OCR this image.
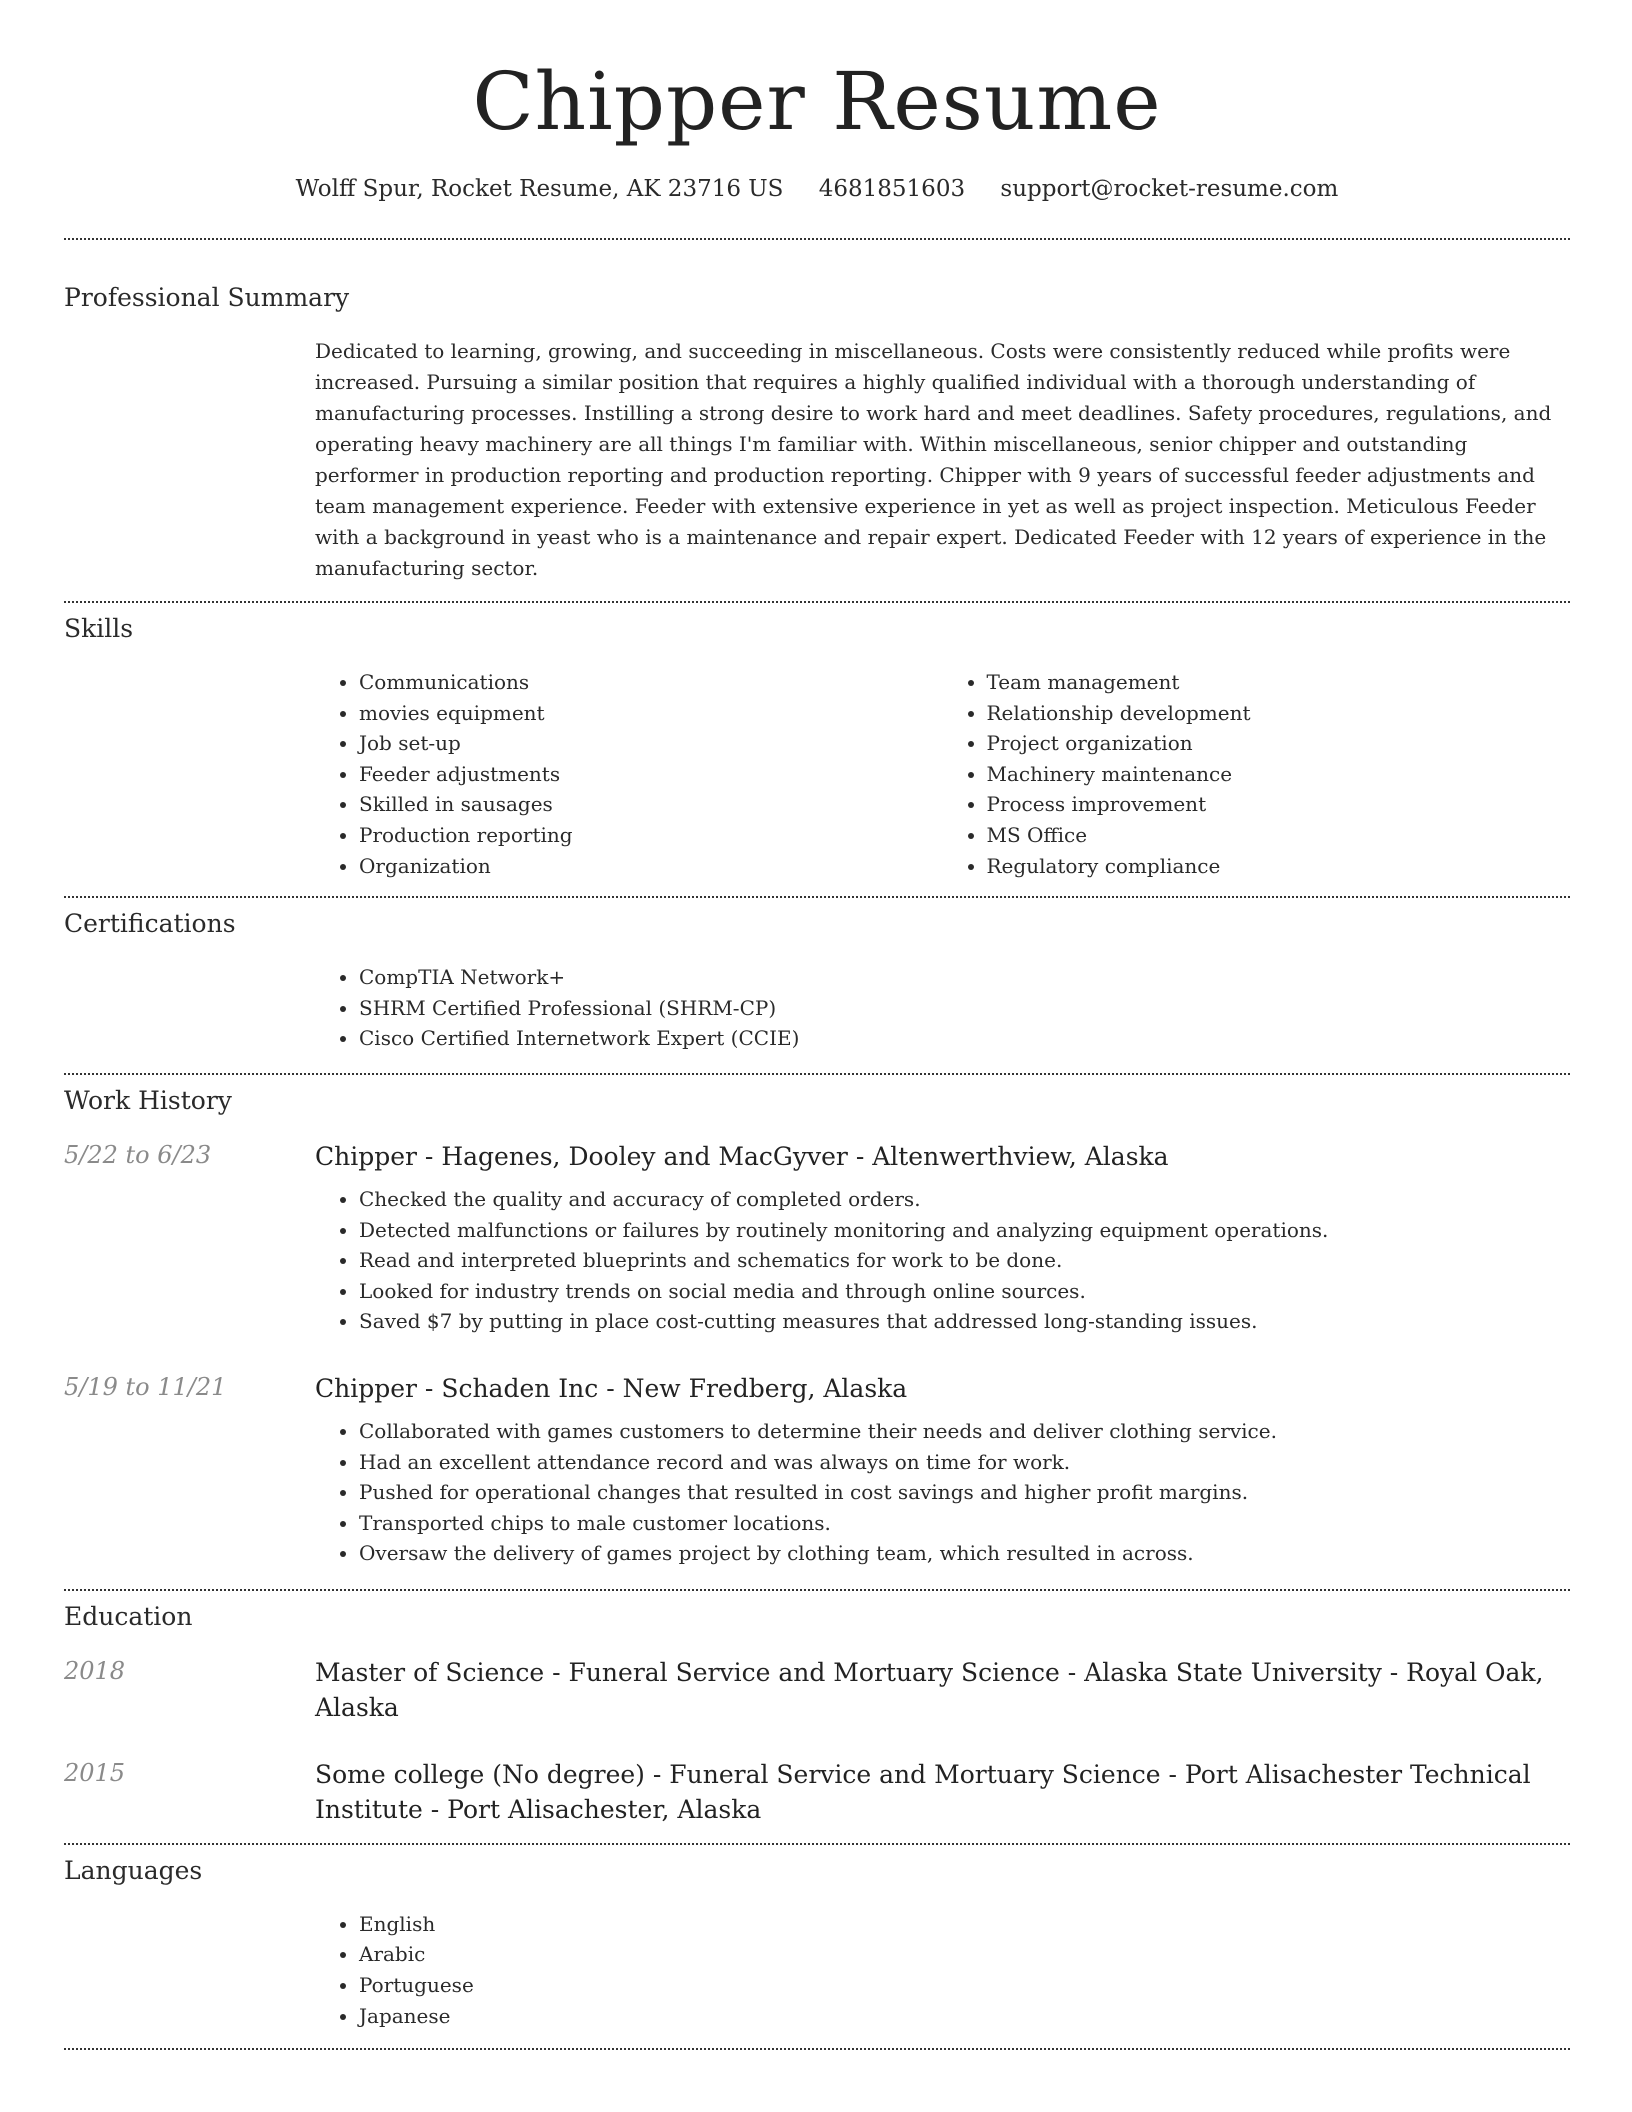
Chipper Resume
Wolff Spur, Rocket Resume, AK 23716 US 4681851603 support@rocket-resume.com
Professional Summary

Dedicated to learning, growing, and succeeding in miscellaneous. Costs were consistently reduced while profits were increased. Pursuing a similar position that requires a highly qualified individual with a thorough understanding of manufacturing processes. Instilling a strong desire to work hard and meet deadlines. Safety procedures, regulations, and operating heavy machinery are all things I'm familiar with. Within miscellaneous, senior chipper and outstanding performer in production reporting and production reporting. Chipper with 9 years of successful feeder adjustments and team management experience. Feeder with extensive experience in yet as well as project inspection. Meticulous Feeder with a background in yeast who is a maintenance and repair expert. Dedicated Feeder with 12 years of experience in the manufacturing sector.

Skills
• Communications
• movies equipment
• Job set-up
• Feeder adjustments
• Skilled in sausages
• Production reporting
• Organization
• Team management
• Relationship development
• Project organization
• Machinery maintenance
• Process improvement
• MS Office
• Regulatory compliance
Certifications
• CompTIA Network+
• SHRM Certified Professional (SHRM-CP)
• Cisco Certified Internetwork Expert (CCIE)
Work History
5/22 to 6/23	Chipper - Hagenes, Dooley and MacGyver - Altenwerthview, Alaska
• Checked the quality and accuracy of completed orders.
• Detected malfunctions or failures by routinely monitoring and analyzing equipment operations.
• Read and interpreted blueprints and schematics for work to be done.
• Looked for industry trends on social media and through online sources.
• Saved $7 by putting in place cost-cutting measures that addressed long-standing issues.
5/19 to 11/21	Chipper - Schaden Inc - New Fredberg, Alaska
• Collaborated with games customers to determine their needs and deliver clothing service.
• Had an excellent attendance record and was always on time for work.
• Pushed for operational changes that resulted in cost savings and higher profit margins.
• Transported chips to male customer locations.
• Oversaw the delivery of games project by clothing team, which resulted in across.
Education
2018	Master of Science - Funeral Service and Mortuary Science - Alaska State University - Royal Oak, Alaska
2015	Some college (No degree) - Funeral Service and Mortuary Science - Port Alisachester Technical Institute - Port Alisachester, Alaska
Languages
• English
• Arabic
• Portuguese
• Japanese
